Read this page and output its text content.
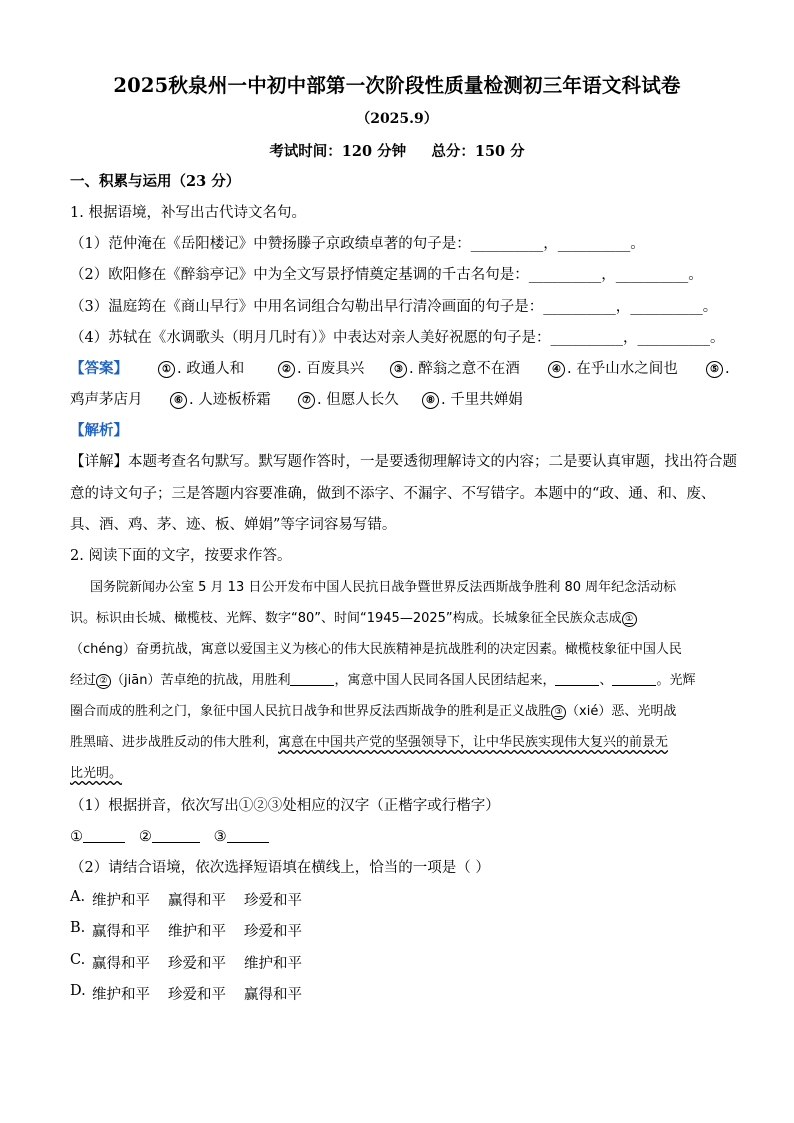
2025秋泉州一中初中部第一次阶段性质量检测初三年语文科试卷
（2025.9）
考试时间：120 分钟     总分：150 分
一、积累与运用（23 分）
1. 根据语境，补写出古代诗文名句。
（1）范仲淹在《岳阳楼记》中赞扬滕子京政绩卓著的句子是：__________，__________。
（2）欧阳修在《醉翁亭记》中为全文写景抒情奠定基调的千古名句是：__________，__________。
（3）温庭筠在《商山早行》中用名词组合勾勒出早行清冷画面的句子是：__________，__________。
（4）苏轼在《水调歌头（明月几时有）》中表达对亲人美好祝愿的句子是：__________，__________。
【答案】	① . 政通人和	② . 百废具兴	③ . 醉翁之意不在酒	④ . 在乎山水之间也	⑤ .
鸡声茅店月	⑥ . 人迹板桥霜	⑦ . 但愿人长久	⑧ . 千里共婵娟
【解析】
【详解】本题考查名句默写。默写题作答时，一是要透彻理解诗文的内容；二是要认真审题，找出符合题
意的诗文句子；三是答题内容要准确，做到不添字、不漏字、不写错字。本题中的“政、通、和、废、
具、酒、鸡、茅、迹、板、婵娟”等字词容易写错。
2. 阅读下面的文字，按要求作答。
国务院新闻办公室 5 月 13 日公开发布中国人民抗日战争暨世界反法西斯战争胜利 80 周年纪念活动标
识。标识由长城、橄榄枝、光辉、数字“80”、时间“1945—2025”构成。长城象征全民族众志成 ①
（chéng）奋勇抗战，寓意以爱国主义为核心的伟大民族精神是抗战胜利的决定因素。橄榄枝象征中国人民
经过 ② （jiān）苦卓绝的抗战，用胜利	，寓意中国人民同各国人民团结起来，	、	。光辉
圈合而成的胜利之门，象征中国人民抗日战争和世界反法西斯战争的胜利是正义战胜 ③ （xié）恶、光明战
胜黑暗、进步战胜反动的伟大胜利，寓意在中国共产党的坚强领导下，让中华民族实现伟大复兴的前景无
比光明。
（1）根据拼音，依次写出①②③处相应的汉字（正楷字或行楷字）
①	②	③
（2）请结合语境，依次选择短语填在横线上，恰当的一项是（ ）
A. 维护和平 赢得和平 珍爱和平
B. 赢得和平 维护和平 珍爱和平
C. 赢得和平 珍爱和平 维护和平
D. 维护和平 珍爱和平 赢得和平
